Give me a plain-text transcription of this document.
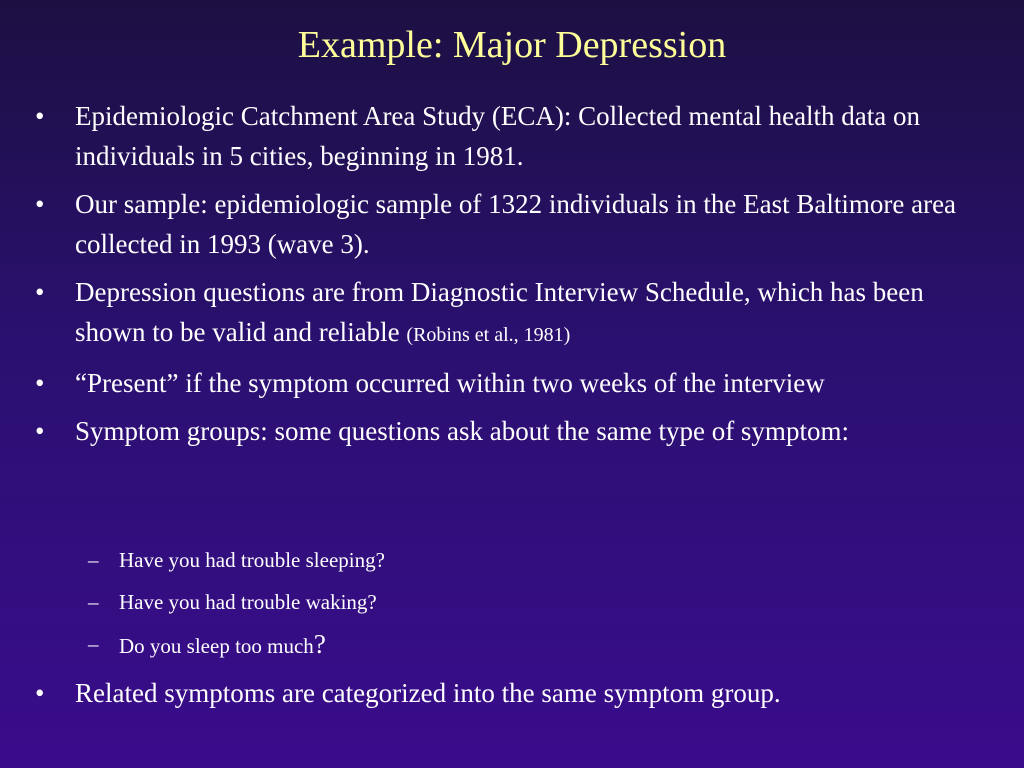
Example: Major Depression
• Epidemiologic Catchment Area Study (ECA): Collected mental health data on individuals in 5 cities, beginning in 1981.
• Our sample: epidemiologic sample of 1322 individuals in the East Baltimore area collected in 1993 (wave 3).
• Depression questions are from Diagnostic Interview Schedule, which has been shown to be valid and reliable (Robins et al., 1981)
• “Present” if the symptom occurred within two weeks of the interview
• Symptom groups: some questions ask about the same type of symptom:
– Have you had trouble sleeping?
– Have you had trouble waking?
– Do you sleep too much?
• Related symptoms are categorized into the same symptom group.
